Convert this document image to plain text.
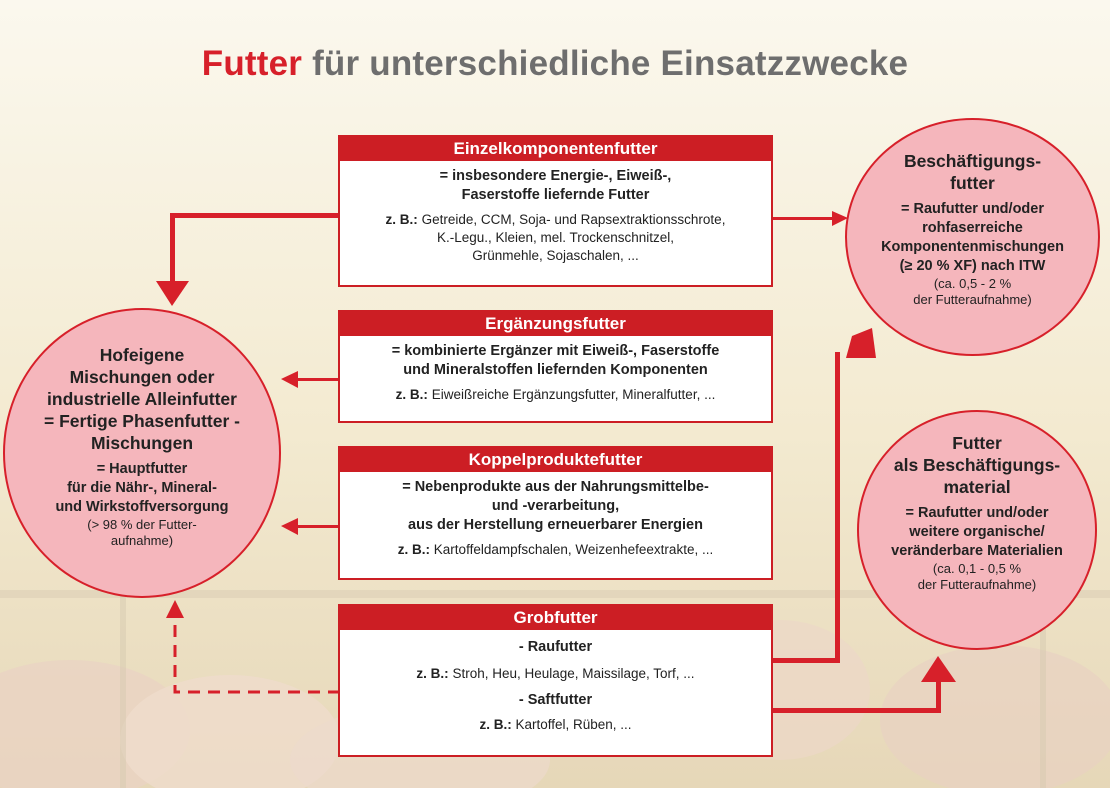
Futter für unterschiedliche Einsatzzwecke
Einzelkomponentenfutter
= insbesondere Energie-, Eiweiß-,
Faserstoffe liefernde Futter
z. B.: Getreide, CCM, Soja- und Rapsextraktionsschrote,
K.-Legu., Kleien, mel. Trockenschnitzel,
Grünmehle, Sojaschalen, ...
Ergänzungsfutter
= kombinierte Ergänzer mit Eiweiß-, Faserstoffe
und Mineralstoffen liefernden Komponenten
z. B.: Eiweißreiche Ergänzungsfutter, Mineralfutter, ...
Koppelproduktefutter
= Nebenprodukte aus der Nahrungsmittelbe-
und -verarbeitung,
aus der Herstellung erneuerbarer Energien
z. B.: Kartoffeldampfschalen, Weizenhefeextrakte, ...
Grobfutter
- Raufutter
z. B.: Stroh, Heu, Heulage, Maissilage, Torf, ...
- Saftfutter
z. B.: Kartoffel, Rüben, ...
Hofeigene
Mischungen oder
industrielle Alleinfutter
= Fertige Phasenfutter -
Mischungen
= Hauptfutter
für die Nähr-, Mineral-
und Wirkstoffversorgung
(> 98 % der Futter-
aufnahme)
Beschäftigungs-
futter
= Raufutter und/oder
rohfaserreiche
Komponentenmischungen
(≥ 20 % XF) nach ITW
(ca. 0,5 - 2 %
der Futteraufnahme)
Futter
als Beschäftigungs-
material
= Raufutter und/oder
weitere organische/
veränderbare Materialien
(ca. 0,1 - 0,5 %
der Futteraufnahme)
